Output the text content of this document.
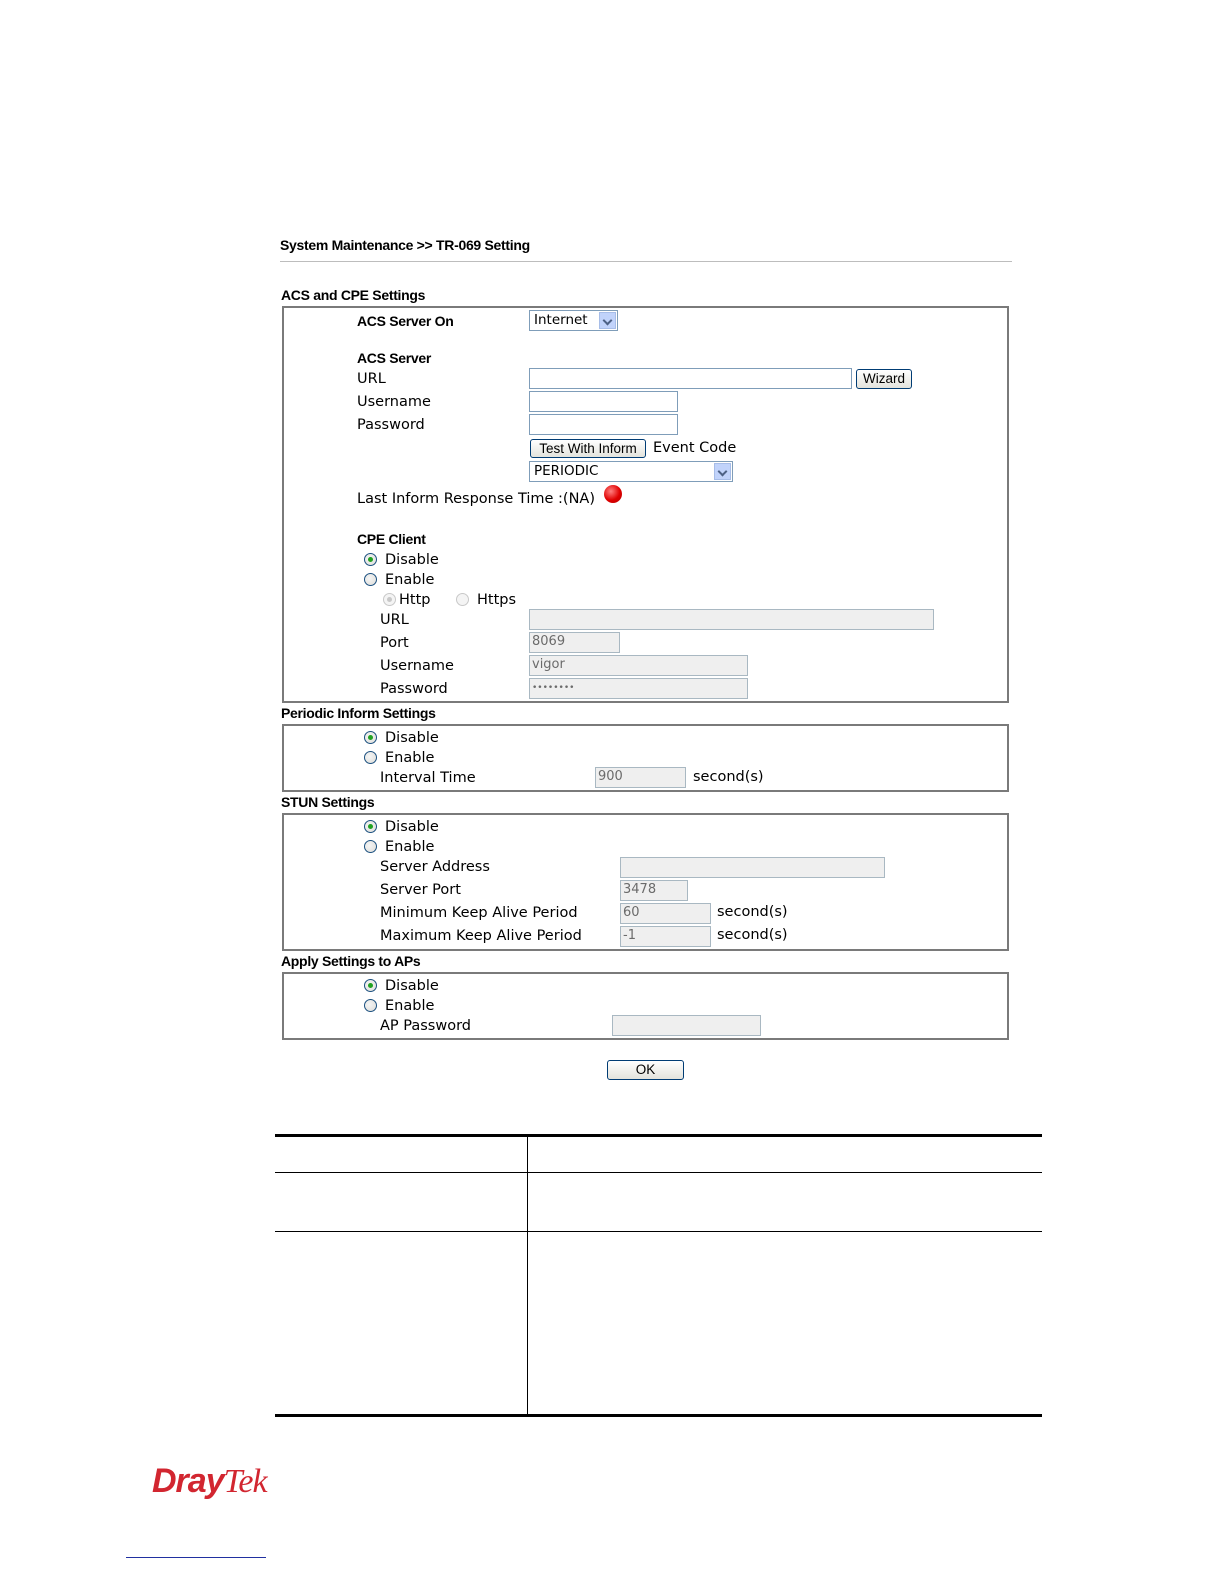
System Maintenance >> TR-069 Setting
ACS and CPE Settings
ACS Server On	Internet
ACS Server
URL	Wizard
Username
Password
Test With Inform	Event Code
PERIODIC
Last Inform Response Time :(NA)
CPE Client
Disable
Enable
Http	Https
URL
Port	8069
Username	vigor
Password	••••••••
Periodic Inform Settings
Disable
Enable
Interval Time	900	second(s)
STUN Settings
Disable
Enable
Server Address
Server Port	3478
Minimum Keep Alive Period	60	second(s)
Maximum Keep Alive Period	-1	second(s)
Apply Settings to APs
Disable
Enable
AP Password
OK
DrayTek
